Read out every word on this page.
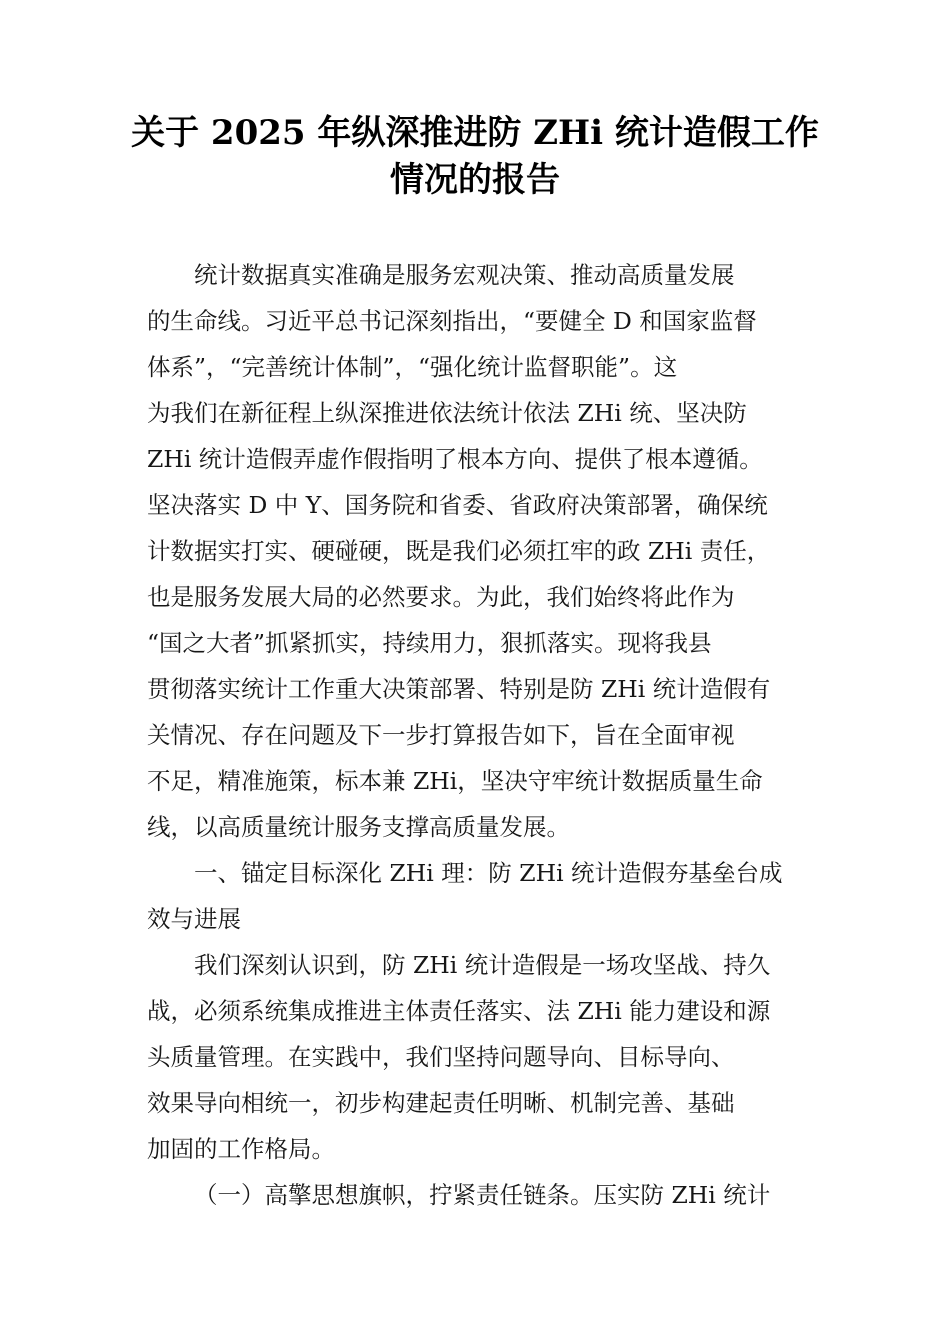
关于 2025 年纵深推进防 ZHi 统计造假工作
情况的报告

统计数据真实准确是服务宏观决策、推动高质量发展
的生命线。习近平总书记深刻指出，“要健全 D 和国家监督
体系”，“完善统计体制”，“强化统计监督职能”。这
为我们在新征程上纵深推进依法统计依法 ZHi 统、坚决防
ZHi 统计造假弄虚作假指明了根本方向、提供了根本遵循。
坚决落实 D 中 Y、国务院和省委、省政府决策部署，确保统
计数据实打实、硬碰硬，既是我们必须扛牢的政 ZHi 责任，
也是服务发展大局的必然要求。为此，我们始终将此作为
“国之大者”抓紧抓实，持续用力，狠抓落实。现将我县
贯彻落实统计工作重大决策部署、特别是防 ZHi 统计造假有
关情况、存在问题及下一步打算报告如下，旨在全面审视
不足，精准施策，标本兼 ZHi，坚决守牢统计数据质量生命
线，以高质量统计服务支撑高质量发展。

一、锚定目标深化 ZHi 理：防 ZHi 统计造假夯基垒台成
效与进展

我们深刻认识到，防 ZHi 统计造假是一场攻坚战、持久
战，必须系统集成推进主体责任落实、法 ZHi 能力建设和源
头质量管理。在实践中，我们坚持问题导向、目标导向、
效果导向相统一，初步构建起责任明晰、机制完善、基础
加固的工作格局。

（一）高擎思想旗帜，拧紧责任链条。压实防 ZHi 统计
